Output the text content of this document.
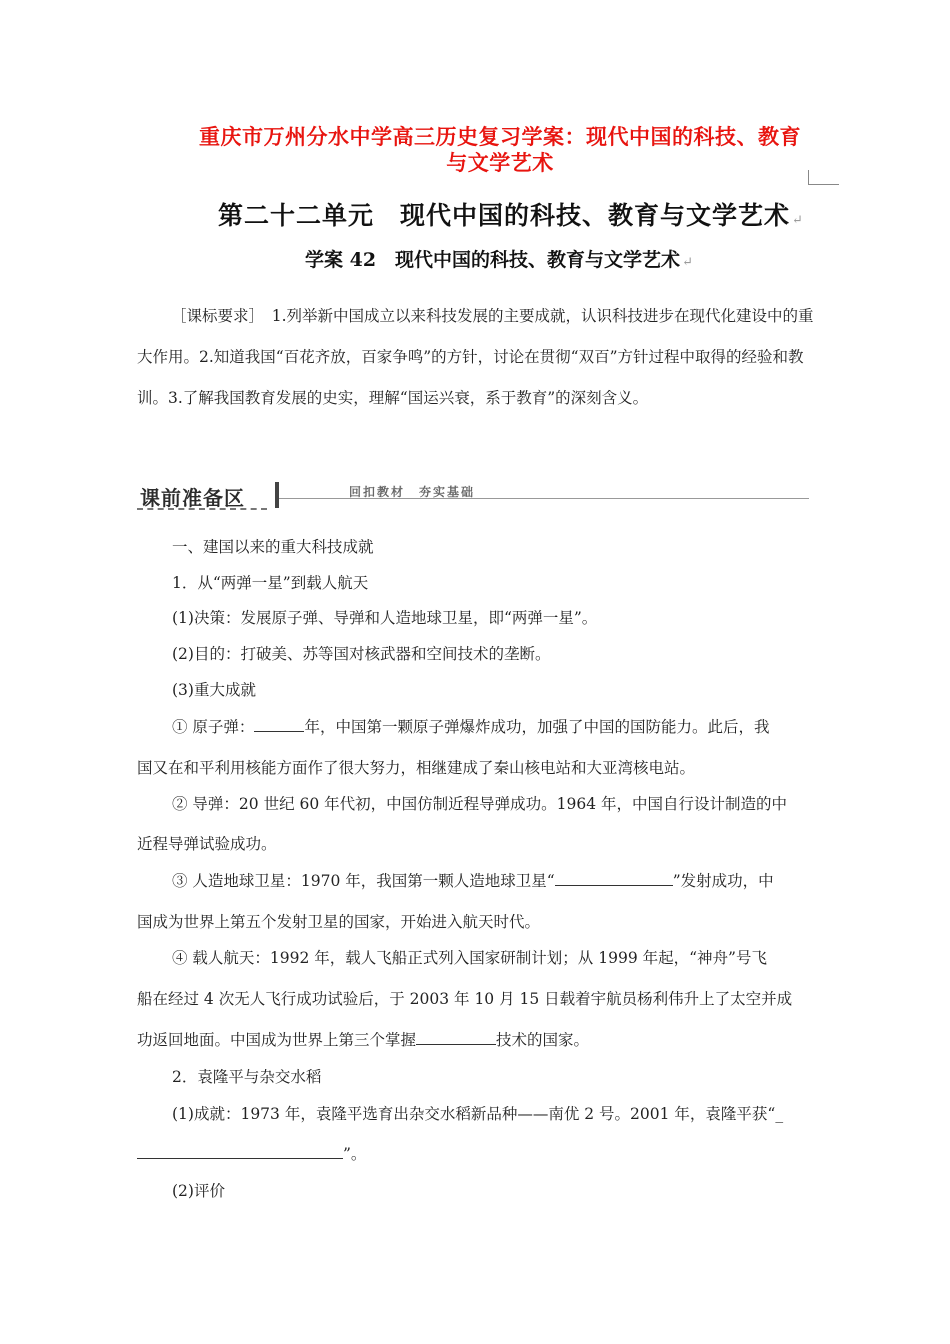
重庆市万州分水中学高三历史复习学案：现代中国的科技、教育
与文学艺术
第二十二单元　现代中国的科技、教育与文学艺术 ↵
学案 42　现代中国的科技、教育与文学艺术 ↵
［课标要求］　1.列举新中国成立以来科技发展的主要成就，认识科技进步在现代化建设中的重大作用。2.知道我国“百花齐放，百家争鸣”的方针，讨论在贯彻“双百”方针过程中取得的经验和教训。3.了解我国教育发展的史实，理解“国运兴衰，系于教育”的深刻含义。
课前准备区	回扣教材　夯实基础
一、建国以来的重大科技成就
1．从“两弹一星”到载人航天
(1)决策：发展原子弹、导弹和人造地球卫星，即“两弹一星”。
(2)目的：打破美、苏等国对核武器和空间技术的垄断。
(3)重大成就
① 原子弹：	年，中国第一颗原子弹爆炸成功，加强了中国的国防能力。此后，我
国又在和平利用核能方面作了很大努力，相继建成了秦山核电站和大亚湾核电站。
② 导弹：20 世纪 60 年代初，中国仿制近程导弹成功。1964 年，中国自行设计制造的中
近程导弹试验成功。
③ 人造地球卫星：1970 年，我国第一颗人造地球卫星“	”发射成功，中
国成为世界上第五个发射卫星的国家，开始进入航天时代。
④ 载人航天：1992 年，载人飞船正式列入国家研制计划；从 1999 年起，“神舟”号飞
船在经过 4 次无人飞行成功试验后，于 2003 年 10 月 15 日载着宇航员杨利伟升上了太空并成
功返回地面。中国成为世界上第三个掌握	技术的国家。
2．袁隆平与杂交水稻
(1)成就：1973 年，袁隆平选育出杂交水稻新品种——南优 2 号。2001 年，袁隆平获“_
”。
(2)评价
